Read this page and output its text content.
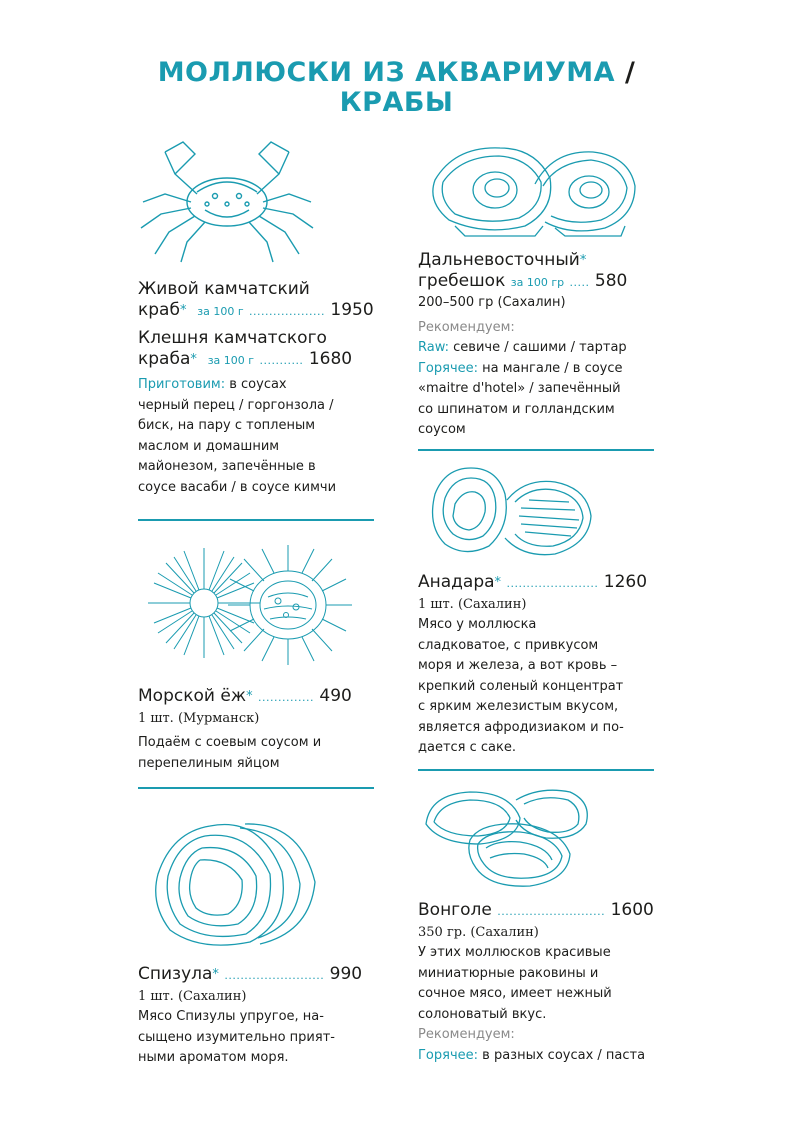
МОЛЛЮСКИ ИЗ АКВАРИУМА /
КРАБЫ
Живой камчатский
краб* за 100 г ................... 1950
Клешня камчатского
краба* за 100 г ........... 1680
Приготовим: в соусах
черный перец / горгонзола /
биск, на пару с топленым
маслом и домашним
майонезом, запечённые в
соусе васаби / в соусе кимчи
Морской ёж* .............. 490
1 шт. (Мурманск)
Подаём с соевым соусом и
перепелиным яйцом
Спизула* ......................... 990
1 шт. (Сахалин)
Мясо Спизулы упругое, на-
сыщено изумительно прият-
ными ароматом моря.
Дальневосточный*
гребешок за 100 гр ..... 580
200–500 гр (Сахалин)
Рекомендуем:
Raw: севиче / сашими / тартар
Горячее: на мангале / в соусе
«maitre d'hotel» / запечённый
со шпинатом и голландским
соусом
Анадара* ....................... 1260
1 шт. (Сахалин)
Мясо у моллюска
сладковатое, с привкусом
моря и железа, а вот кровь –
крепкий соленый концентрат
с ярким железистым вкусом,
является афродизиаком и по-
дается с саке.
Вонголе ........................... 1600
350 гр. (Сахалин)
У этих моллюсков красивые
миниатюрные раковины и
сочное мясо, имеет нежный
солоноватый вкус.
Рекомендуем:
Горячее: в разных соусах / паста
